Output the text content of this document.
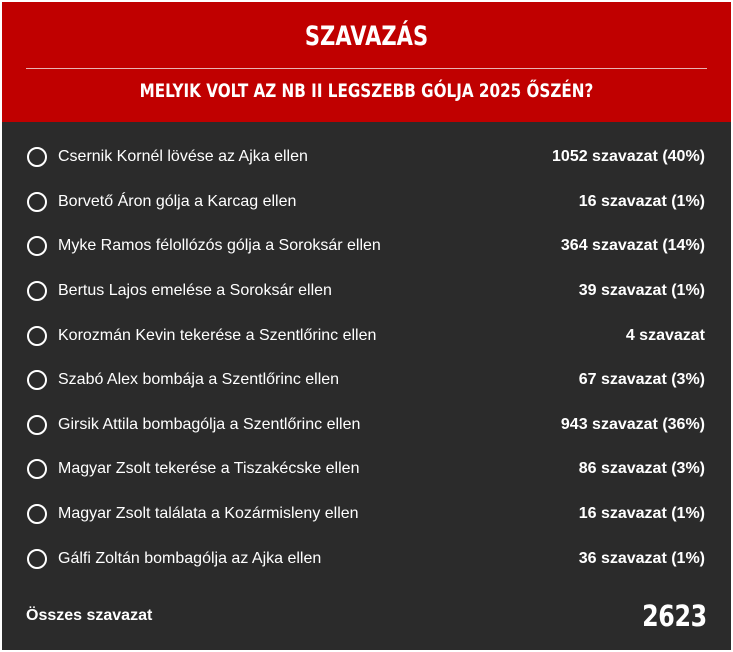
SZAVAZÁS
MELYIK VOLT AZ NB II LEGSZEBB GÓLJA 2025 ŐSZÉN?
Csernik Kornél lövése az Ajka ellen	1052 szavazat (40%)
Borvető Áron gólja a Karcag ellen	16 szavazat (1%)
Myke Ramos félollózós gólja a Soroksár ellen	364 szavazat (14%)
Bertus Lajos emelése a Soroksár ellen	39 szavazat (1%)
Korozmán Kevin tekerése a Szentlőrinc ellen	4 szavazat
Szabó Alex bombája a Szentlőrinc ellen	67 szavazat (3%)
Girsik Attila bombagólja a Szentlőrinc ellen	943 szavazat (36%)
Magyar Zsolt tekerése a Tiszakécske ellen	86 szavazat (3%)
Magyar Zsolt találata a Kozármisleny ellen	16 szavazat (1%)
Gálfi Zoltán bombagólja az Ajka ellen	36 szavazat (1%)
Összes szavazat	2623
